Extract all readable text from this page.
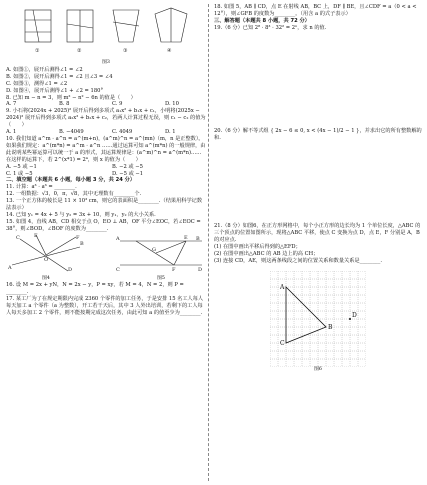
①	②	③	④
图3

A. 如图①，展开后测得∠1 = ∠2

B. 如图②，展开后测得∠1 = ∠2 且∠3 = ∠4

C. 如图③，测得∠1 = ∠2

D. 如图④，展开后测得∠1 + ∠2 = 180°

8. 已知 m − n = 3，则 m² − n² − 6n 的值是（　　）

A. 7	B. 8	C. 9	D. 10

9. 小石将(2024x + 2025)² 展开后得到多项式 a₁x² + b₁x + c₁，小明将(2025x − 2024)² 展开后得到多项式 a₂x² + b₂x + c₂，若两人计算过程无误，则 c₁ − c₂ 的值为（　　）

A. 1	B. −4049	C. 4049	D. 1

10. 我们知道 a^m · a^n = a^(m+n)，(a^m)^n = a^(mn)（m，n 是正整数）。如果我们规定：a^(m*n) = a^m · a^n ……通过运算可知 a^(m*n) 的一般规律，由此说明某些幂运算可以统一于 a 的形式，其运算规律是：(a^m)^n = a^(m*n)……在这样的运算下，若 2^(x*1) = 2⁴，则 x 的值为（　　）

A. −5 或 −1	B. −2 或 −5
C. 1 或 −5	D. −5 或 −1

二、填空题（本题共 6 小题，每小题 3 分，共 24 分）

11. 计算：a³ · a³ = ________.

12. 一组数据：√3，0，π，√8，其中无理数有________个.

13. 一个正方体的棱长是 11 × 10³ cm，则它的表面积是________.（结果用科学记数法表示）

14. 已知 y₁ = 4x + 5 与 y₂ = 3x + 10，则 y₁，y₂ 的大小关系.

15. 如图 4，直线 AB，CD 相交于点 O，EO ⊥ AB，OF 平分∠EOC，若∠EOC = 38°，则∠BOD，∠BOF 的度数为________.

C
A
B
D
O
E	F
图4
A	B
C	D
E
F
G
图5

16. 设 M = 2x + yN，N = 2x − y，P = xy，若 M = 4，N = 2，则 P = ________.

17. 某工厂为了在规定期限内完成 2360 个零件的加工任务，于是安排 15 名工人每人每天加工 a 个零件（a 为整数），开工若干天后，其中 3 人外出培训，若剩下的工人每人每天多加工 2 个零件，则不能按期完成这次任务，由此可知 a 的值至少为________.

18. 如图 5，AB ∥ CD，点 E 在射线 AB，BC 上，DF ∥ BE，且∠CDF = a（0 < a < 12°），则∠GFB 的度数为________。（用含 a 的式子表示）

三、解答题（本题共 8 小题，共 72 分）

19.（6 分）已知 2⁸ · 8³ · 32² = 2ⁿ，求 n 的值.

20.（6 分）解不等式组 { 2x − 6 ≤ 0, x < (4x − 1)/2 − 1 }，并求出它的所有整数解的和.

21.（8 分）如图6，在正方形网格中，每个小正方形的边长均为 1 个单位长度，△ABC 的三个顶点的位置如图所示，现将△ABC 平移，使点 C 变换为点 D，点 E，F 分别是 A，B 的对应点.

(1) 在图中画出平移后得到的△EFD；

(2) 在图中画出△ABC 的 AB 边上的高 CH；

(3) 连接 CD，AE，则这两条线段之间的位置关系和数量关系是________.

A
B
C
D
图6
